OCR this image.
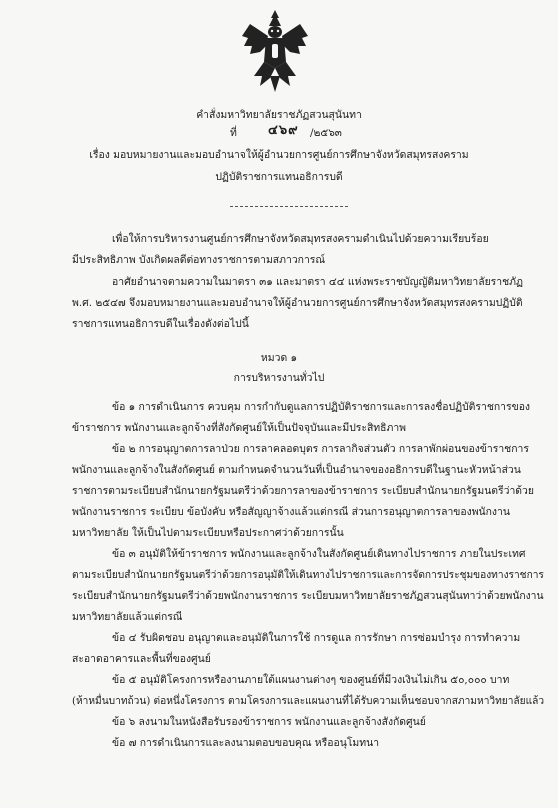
คำสั่งมหาวิทยาลัยราชภัฏสวนสุนันทา
ที่ ๔๖๙ /๒๕๖๓
เรื่อง มอบหมายงานและมอบอำนาจให้ผู้อำนวยการศูนย์การศึกษาจังหวัดสมุทรสงคราม
ปฏิบัติราชการแทนอธิการบดี
เพื่อให้การบริหารงานศูนย์การศึกษาจังหวัดสมุทรสงครามดำเนินไปด้วยความเรียบร้อย
มีประสิทธิภาพ บังเกิดผลดีต่อทางราชการตามสภาวการณ์
อาศัยอำนาจตามความในมาตรา ๓๑ และมาตรา ๔๔ แห่งพระราชบัญญัติมหาวิทยาลัยราชภัฏ
พ.ศ. ๒๕๔๗ จึงมอบหมายงานและมอบอำนาจให้ผู้อำนวยการศูนย์การศึกษาจังหวัดสมุทรสงครามปฏิบัติ
ราชการแทนอธิการบดีในเรื่องดังต่อไปนี้
หมวด ๑
การบริหารงานทั่วไป
ข้อ ๑ การดำเนินการ ควบคุม การกำกับดูแลการปฏิบัติราชการและการลงชื่อปฏิบัติราชการของ
ข้าราชการ พนักงานและลูกจ้างที่สังกัดศูนย์ให้เป็นปัจจุบันและมีประสิทธิภาพ
ข้อ ๒ การอนุญาตการลาป่วย การลาคลอดบุตร การลากิจส่วนตัว การลาพักผ่อนของข้าราชการ
พนักงานและลูกจ้างในสังกัดศูนย์ ตามกำหนดจำนวนวันที่เป็นอำนาจของอธิการบดีในฐานะหัวหน้าส่วน
ราชการตามระเบียบสำนักนายกรัฐมนตรีว่าด้วยการลาของข้าราชการ ระเบียบสำนักนายกรัฐมนตรีว่าด้วย
พนักงานราชการ ระเบียบ ข้อบังคับ หรือสัญญาจ้างแล้วแต่กรณี ส่วนการอนุญาตการลาของพนักงาน
มหาวิทยาลัย ให้เป็นไปตามระเบียบหรือประกาศว่าด้วยการนั้น
ข้อ ๓ อนุมัติให้ข้าราชการ พนักงานและลูกจ้างในสังกัดศูนย์เดินทางไปราชการ ภายในประเทศ
ตามระเบียบสำนักนายกรัฐมนตรีว่าด้วยการอนุมัติให้เดินทางไปราชการและการจัดการประชุมของทางราชการ
ระเบียบสำนักนายกรัฐมนตรีว่าด้วยพนักงานราชการ ระเบียบมหาวิทยาลัยราชภัฏสวนสุนันทาว่าด้วยพนักงาน
มหาวิทยาลัยแล้วแต่กรณี
ข้อ ๔ รับผิดชอบ อนุญาตและอนุมัติในการใช้ การดูแล การรักษา การซ่อมบำรุง การทำความ
สะอาดอาคารและพื้นที่ของศูนย์
ข้อ ๕ อนุมัติโครงการหรืองานภายใต้แผนงานต่างๆ ของศูนย์ที่มีวงเงินไม่เกิน ๕๐,๐๐๐ บาท
(ห้าหมื่นบาทถ้วน) ต่อหนึ่งโครงการ ตามโครงการและแผนงานที่ได้รับความเห็นชอบจากสภามหาวิทยาลัยแล้ว
ข้อ ๖ ลงนามในหนังสือรับรองข้าราชการ พนักงานและลูกจ้างสังกัดศูนย์
ข้อ ๗ การดำเนินการและลงนามตอบขอบคุณ หรืออนุโมทนา
